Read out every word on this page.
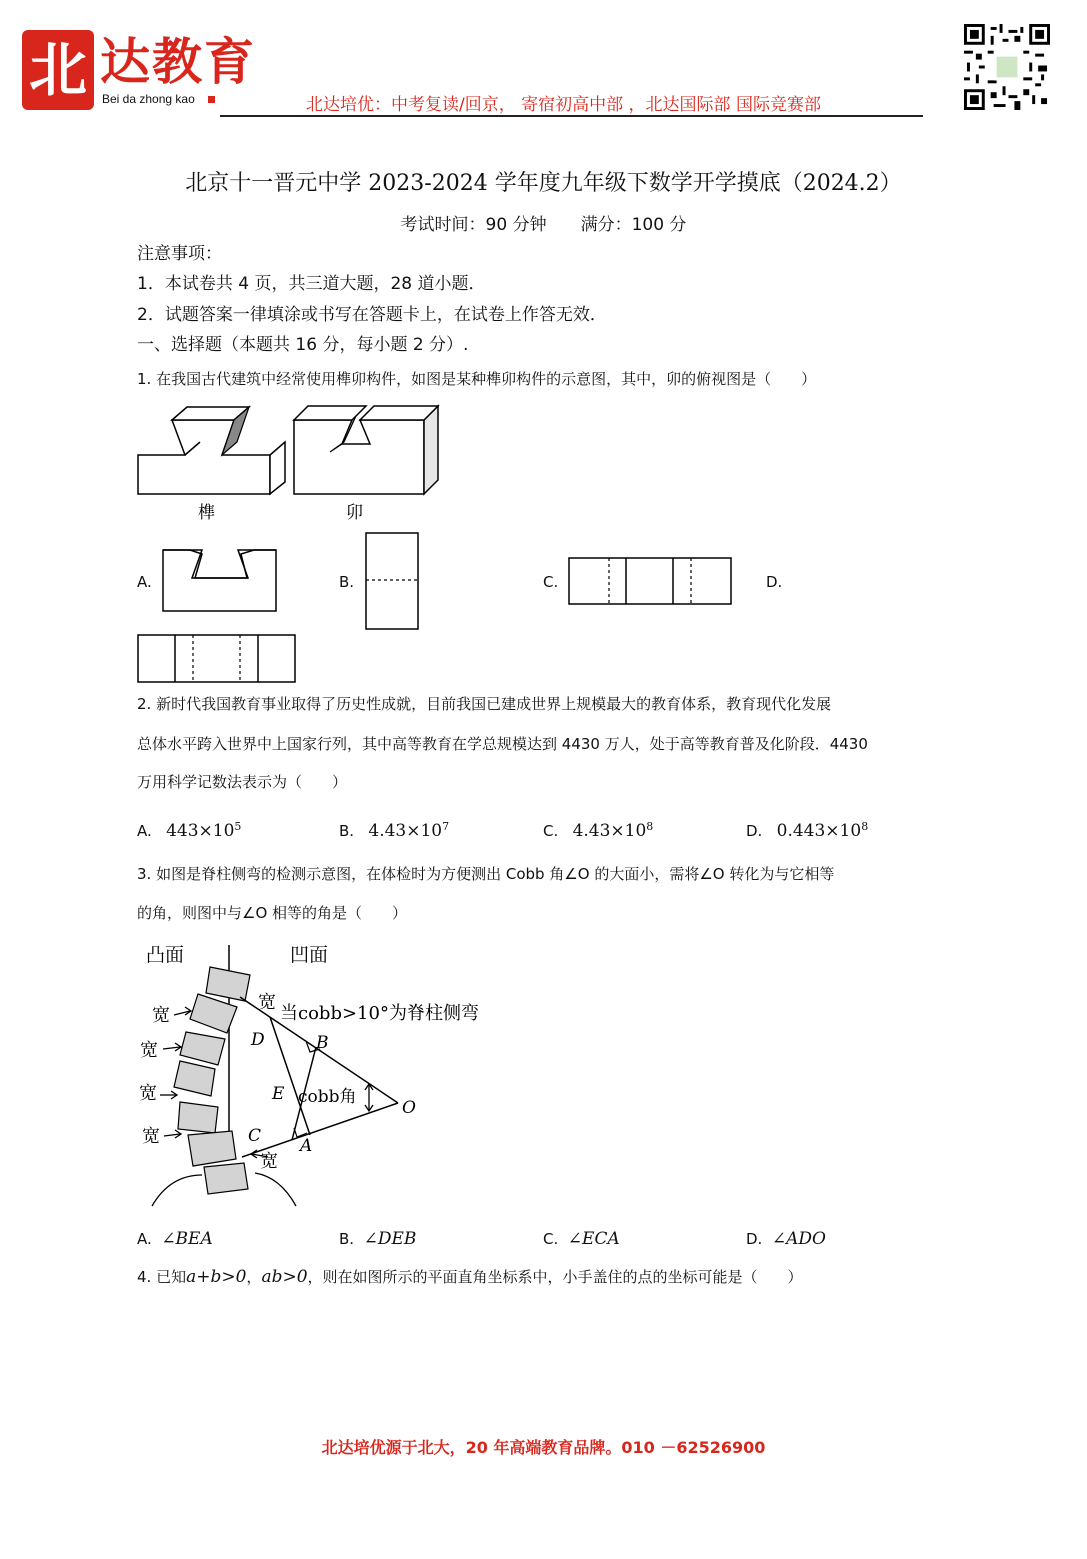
北 达教育
Bei da zhong kao	北达培优：中考复读/回京， 寄宿初高中部 ，北达国际部 国际竞赛部
北京十一晋元中学 2023-2024 学年度九年级下数学开学摸底（2024.2）
考试时间：90 分钟　　满分：100 分
注意事项：
1．本试卷共 4 页，共三道大题，28 道小题．
2．试题答案一律填涂或书写在答题卡上，在试卷上作答无效．
一、选择题（本题共 16 分，每小题 2 分）.
1. 在我国古代建筑中经常使用榫卯构件，如图是某种榫卯构件的示意图，其中，卯的俯视图是（　　）
榫	卯
A.	B.	C.	D.
2. 新时代我国教育事业取得了历史性成就，目前我国已建成世界上规模最大的教育体系，教育现代化发展
总体水平跨入世界中上国家行列，其中高等教育在学总规模达到 4430 万人，处于高等教育普及化阶段．4430
万用科学记数法表示为（　　）
A. $443\times 10^5$	B. $4.43\times 10^7$	C. $4.43\times 10^8$	D. $0.443\times 10^8$
3. 如图是脊柱侧弯的检测示意图，在体检时为方便测出 Cobb 角∠O 的大面小，需将∠O 转化为与它相等
的角，则图中与∠O 相等的角是（　　）
凸面	凹面
宽
宽
宽
宽
宽
宽
当cobb>10°为脊柱侧弯
D	B
E cobb角
O
C A
A. ∠BEA	B. ∠DEB	C. ∠ECA	D. ∠ADO
4. 已知a+b>0，ab>0，则在如图所示的平面直角坐标系中，小手盖住的点的坐标可能是（　　）
北达培优源于北大，20 年高端教育品牌。010 －62526900
